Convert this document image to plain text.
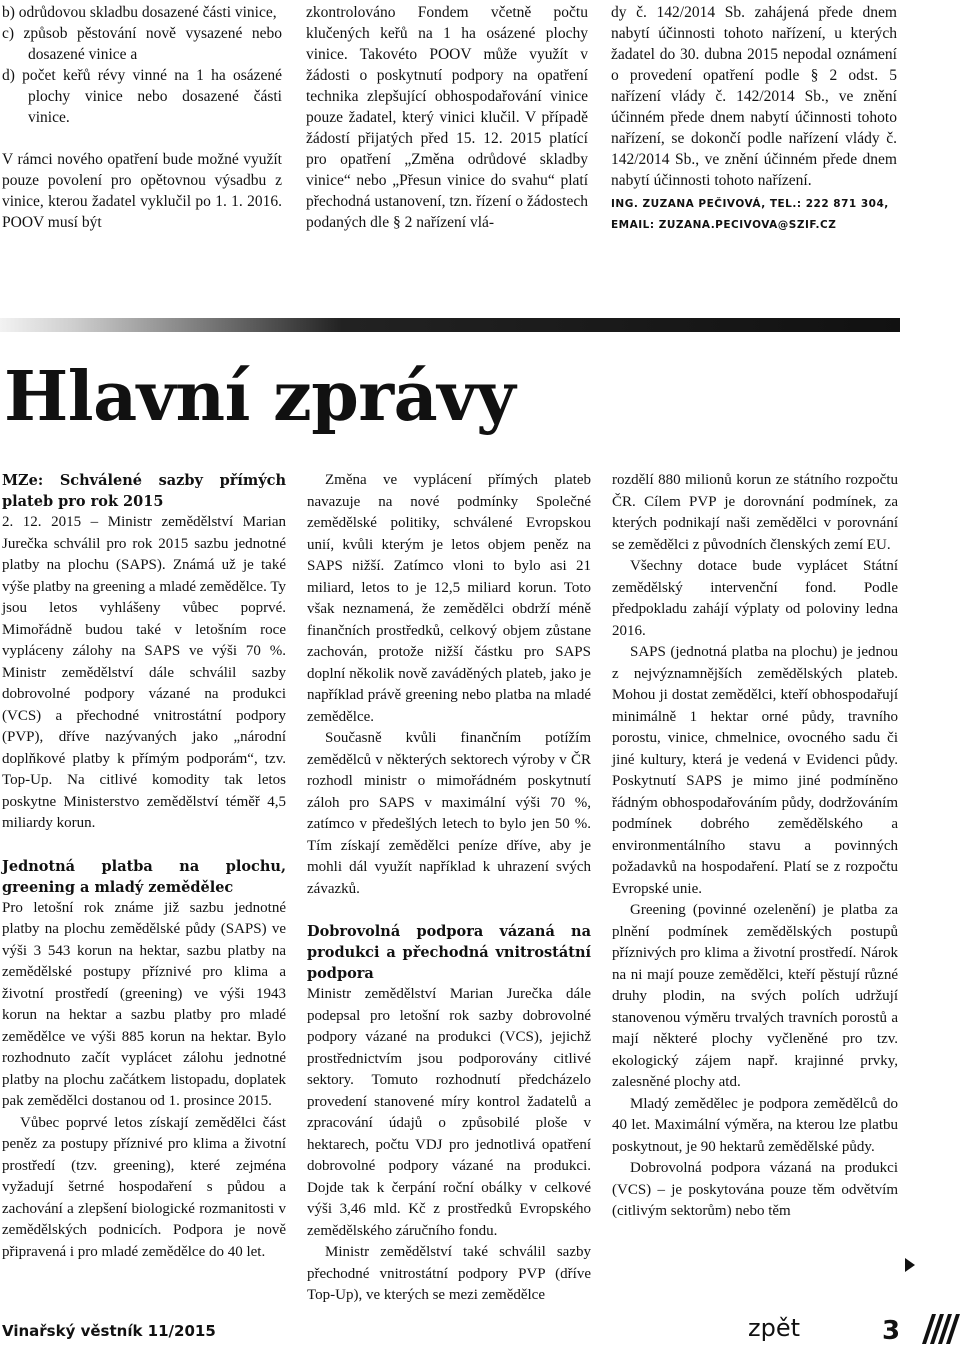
b) odrůdovou skladbu dosazené části vinice,

c) způsob pěstování nově vysazené nebo dosazené vinice a

d) počet keřů révy vinné na 1 ha osázené plochy vinice nebo dosazené části vinice.

V rámci nového opatření bude možné využít pouze povolení pro opětovnou výsadbu z vinice, kterou žadatel vyklučil po 1. 1. 2016. POOV musí být

zkontrolováno Fondem včetně počtu klučených keřů na 1 ha osázené plochy vinice. Takovéto POOV může využít v žádosti o poskytnutí podpory na opatření technika zlepšující obhospodařování vinice pouze žadatel, který vinici klučil. V případě žádostí přijatých před 15. 12. 2015 platící pro opatření „Změna odrůdové skladby vinice“ nebo „Přesun vinice do svahu“ platí přechodná ustanovení, tzn. řízení o žádostech podaných dle § 2 nařízení vlá-

dy č. 142/2014 Sb. zahájená přede dnem nabytí účinnosti tohoto nařízení, u kterých žadatel do 30. dubna 2015 nepodal oznámení o provedení opatření podle § 2 odst. 5 nařízení vlády č. 142/2014 Sb., ve znění účinném přede dnem nabytí účinnosti tohoto nařízení, se dokončí podle nařízení vlády č. 142/2014 Sb., ve znění účinném přede dnem nabytí účinnosti tohoto nařízení.

ING. ZUZANA PEČIVOVÁ, TEL.: 222 871 304,
EMAIL: ZUZANA.PECIVOVA@SZIF.CZ
Hlavní zprávy

MZe: Schválené sazby přímých plateb pro rok 2015

2. 12. 2015 – Ministr zemědělství Marian Jurečka schválil pro rok 2015 sazbu jednotné platby na plochu (SAPS). Známá už je také výše platby na greening a mladé zemědělce. Ty jsou letos vyhlášeny vůbec poprvé. Mimořádně budou také v letošním roce vypláceny zálohy na SAPS ve výši 70 %. Ministr zemědělství dále schválil sazby dobrovolné podpory vázané na produkci (VCS) a přechodné vnitrostátní podpory (PVP), dříve nazývaných jako „národní doplňkové platby k přímým podporám“, tzv. Top-Up. Na citlivé komodity tak letos poskytne Ministerstvo zemědělství téměř 4,5 miliardy korun.

Jednotná platba na plochu, greening a mladý zemědělec

Pro letošní rok známe již sazbu jednotné platby na plochu zemědělské půdy (SAPS) ve výši 3 543 korun na hektar, sazbu platby na zemědělské postupy příznivé pro klima a životní prostředí (greening) ve výši 1943 korun na hektar a sazbu platby pro mladé zemědělce ve výši 885 korun na hektar. Bylo rozhodnuto začít vyplácet zálohu jednotné platby na plochu začátkem listopadu, doplatek pak zemědělci dostanou od 1. prosince 2015.

Vůbec poprvé letos získají zemědělci část peněz za postupy příznivé pro klima a životní prostředí (tzv. greening), které zejména vyžadují šetrné hospodaření s půdou a zachování a zlepšení biologické rozmanitosti v zemědělských podnicích. Podpora je nově připravená i pro mladé zemědělce do 40 let.

Změna ve vyplácení přímých plateb navazuje na nové podmínky Společné zemědělské politiky, schválené Evropskou unií, kvůli kterým je letos objem peněz na SAPS nižší. Zatímco vloni to bylo asi 21 miliard, letos to je 12,5 miliard korun. Toto však neznamená, že zemědělci obdrží méně finančních prostředků, celkový objem zůstane zachován, protože nižší částku pro SAPS doplní několik nově zaváděných plateb, jako je například právě greening nebo platba na mladé zemědělce.

Současně kvůli finančním potížím zemědělců v některých sektorech výroby v ČR rozhodl ministr o mimořádném poskytnutí záloh pro SAPS v maximální výši 70 %, zatímco v předešlých letech to bylo jen 50 %. Tím získají zemědělci peníze dříve, aby je mohli dál využít například k uhrazení svých závazků.

Dobrovolná podpora vázaná na produkci a přechodná vnitrostátní podpora

Ministr zemědělství Marian Jurečka dále podepsal pro letošní rok sazby dobrovolné podpory vázané na produkci (VCS), jejichž prostřednictvím jsou podporovány citlivé sektory. Tomuto rozhodnutí předcházelo provedení stanovené míry kontrol žadatelů a zpracování údajů o způsobilé ploše v hektarech, počtu VDJ pro jednotlivá opatření dobrovolné podpory vázané na produkci. Dojde tak k čerpání roční obálky v celkové výši 3,46 mld. Kč z prostředků Evropského zemědělského záručního fondu.

Ministr zemědělství také schválil sazby přechodné vnitrostátní podpory PVP (dříve Top-Up), ve kterých se mezi zemědělce

rozdělí 880 milionů korun ze státního rozpočtu ČR. Cílem PVP je dorovnání podmínek, za kterých podnikají naši zemědělci v porovnání se zemědělci z původních členských zemí EU.

Všechny dotace bude vyplácet Státní zemědělský intervenční fond. Podle předpokladu zahájí výplaty od poloviny ledna 2016.

SAPS (jednotná platba na plochu) je jednou z nejvýznamnějších zemědělských plateb. Mohou ji dostat zemědělci, kteří obhospodařují minimálně 1 hektar orné půdy, travního porostu, vinice, chmelnice, ovocného sadu či jiné kultury, která je vedená v Evidenci půdy. Poskytnutí SAPS je mimo jiné podmíněno řádným obhospodařováním půdy, dodržováním podmínek dobrého zemědělského a environmentálního stavu a povinných požadavků na hospodaření. Platí se z rozpočtu Evropské unie.

Greening (povinné ozelenění) je platba za plnění podmínek zemědělských postupů příznivých pro klima a životní prostředí. Nárok na ni mají pouze zemědělci, kteří pěstují různé druhy plodin, na svých polích udržují stanovenou výměru trvalých travních porostů a mají některé plochy vyčleněné pro tzv. ekologický zájem např. krajinné prvky, zalesněné plochy atd.

Mladý zemědělec je podpora zemědělců do 40 let. Maximální výměra, na kterou lze platbu poskytnout, je 90 hektarů zemědělské půdy.

Dobrovolná podpora vázaná na produkci (VCS) – je poskytována pouze těm odvětvím (citlivým sektorům) nebo těm

Vinařský věstník 11/2015	zpět	3
